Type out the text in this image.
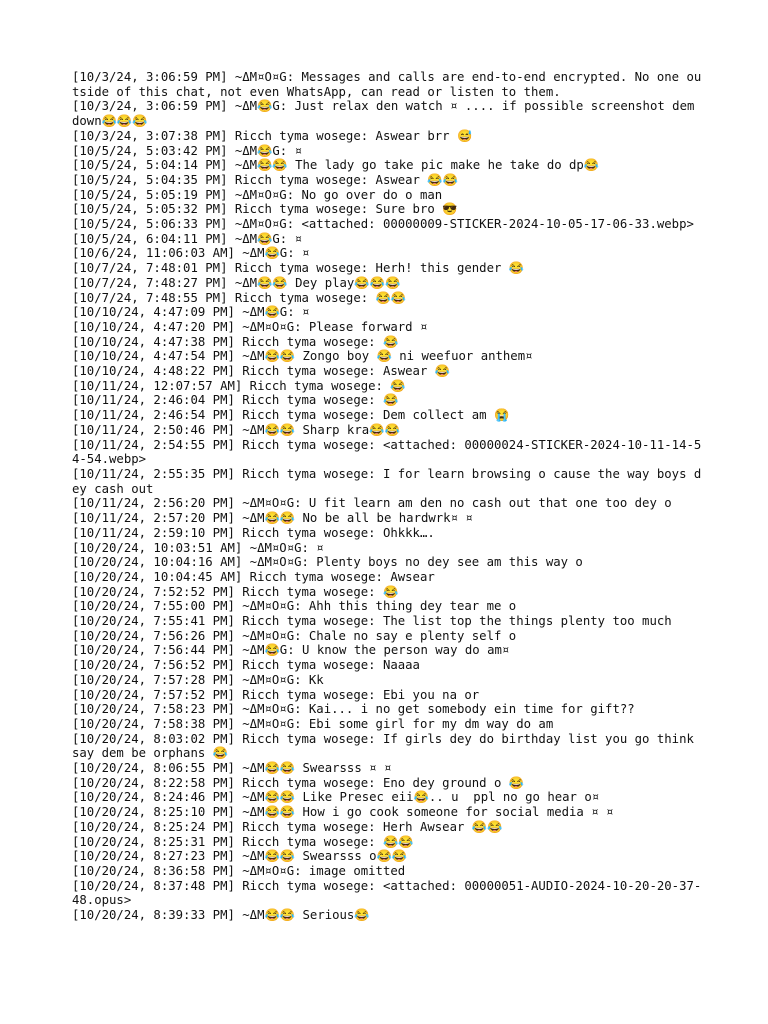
[10/3/24, 3:06:59 PM] ~ΔM¤O¤G: Messages and calls are end-to-end encrypted. No one outside of this chat, not even WhatsApp, can read or listen to them.
[10/3/24, 3:06:59 PM] ~ΔM😂G: Just relax den watch ¤ .... if possible screenshot dem down😂😂😂
[10/3/24, 3:07:38 PM] Ricch tyma wosege: Aswear brr 😅
[10/5/24, 5:03:42 PM] ~ΔM😂G: ¤
[10/5/24, 5:04:14 PM] ~ΔM😂😂 The lady go take pic make he take do dp😂
[10/5/24, 5:04:35 PM] Ricch tyma wosege: Aswear 😂😂
[10/5/24, 5:05:19 PM] ~ΔM¤O¤G: No go over do o man
[10/5/24, 5:05:32 PM] Ricch tyma wosege: Sure bro 😎
[10/5/24, 5:06:33 PM] ~ΔM¤O¤G: <attached: 00000009-STICKER-2024-10-05-17-06-33.webp>
[10/5/24, 6:04:11 PM] ~ΔM😂G: ¤
[10/6/24, 11:06:03 AM] ~ΔM😂G: ¤
[10/7/24, 7:48:01 PM] Ricch tyma wosege: Herh! this gender 😂
[10/7/24, 7:48:27 PM] ~ΔM😂😂 Dey play😂😂😂
[10/7/24, 7:48:55 PM] Ricch tyma wosege: 😂😂
[10/10/24, 4:47:09 PM] ~ΔM😂G: ¤
[10/10/24, 4:47:20 PM] ~ΔM¤O¤G: Please forward ¤
[10/10/24, 4:47:38 PM] Ricch tyma wosege: 😂
[10/10/24, 4:47:54 PM] ~ΔM😂😂 Zongo boy 😂 ni weefuor anthem¤
[10/10/24, 4:48:22 PM] Ricch tyma wosege: Aswear 😂
[10/11/24, 12:07:57 AM] Ricch tyma wosege: 😂
[10/11/24, 2:46:04 PM] Ricch tyma wosege: 😂
[10/11/24, 2:46:54 PM] Ricch tyma wosege: Dem collect am 😭
[10/11/24, 2:50:46 PM] ~ΔM😂😂 Sharp kra😂😂
[10/11/24, 2:54:55 PM] Ricch tyma wosege: <attached: 00000024-STICKER-2024-10-11-14-54-54.webp>
[10/11/24, 2:55:35 PM] Ricch tyma wosege: I for learn browsing o cause the way boys dey cash out
[10/11/24, 2:56:20 PM] ~ΔM¤O¤G: U fit learn am den no cash out that one too dey o
[10/11/24, 2:57:20 PM] ~ΔM😂😂 No be all be hardwrk¤ ¤
[10/11/24, 2:59:10 PM] Ricch tyma wosege: Ohkkk….
[10/20/24, 10:03:51 AM] ~ΔM¤O¤G: ¤
[10/20/24, 10:04:16 AM] ~ΔM¤O¤G: Plenty boys no dey see am this way o
[10/20/24, 10:04:45 AM] Ricch tyma wosege: Awsear
[10/20/24, 7:52:52 PM] Ricch tyma wosege: 😂
[10/20/24, 7:55:00 PM] ~ΔM¤O¤G: Ahh this thing dey tear me o
[10/20/24, 7:55:41 PM] Ricch tyma wosege: The list top the things plenty too much
[10/20/24, 7:56:26 PM] ~ΔM¤O¤G: Chale no say e plenty self o
[10/20/24, 7:56:44 PM] ~ΔM😂G: U know the person way do am¤
[10/20/24, 7:56:52 PM] Ricch tyma wosege: Naaaa
[10/20/24, 7:57:28 PM] ~ΔM¤O¤G: Kk
[10/20/24, 7:57:52 PM] Ricch tyma wosege: Ebi you na or
[10/20/24, 7:58:23 PM] ~ΔM¤O¤G: Kai... i no get somebody ein time for gift??
[10/20/24, 7:58:38 PM] ~ΔM¤O¤G: Ebi some girl for my dm way do am
[10/20/24, 8:03:02 PM] Ricch tyma wosege: If girls dey do birthday list you go think say dem be orphans 😂
[10/20/24, 8:06:55 PM] ~ΔM😂😂 Swearsss ¤ ¤
[10/20/24, 8:22:58 PM] Ricch tyma wosege: Eno dey ground o 😂
[10/20/24, 8:24:46 PM] ~ΔM😂😂 Like Presec eii😂.. u  ppl no go hear o¤
[10/20/24, 8:25:10 PM] ~ΔM😂😂 How i go cook someone for social media ¤ ¤
[10/20/24, 8:25:24 PM] Ricch tyma wosege: Herh Awsear 😂😂
[10/20/24, 8:25:31 PM] Ricch tyma wosege: 😂😂
[10/20/24, 8:27:23 PM] ~ΔM😂😂 Swearsss o😂😂
[10/20/24, 8:36:58 PM] ~ΔM¤O¤G: image omitted
[10/20/24, 8:37:48 PM] Ricch tyma wosege: <attached: 00000051-AUDIO-2024-10-20-20-37-48.opus>
[10/20/24, 8:39:33 PM] ~ΔM😂😂 Serious😂
